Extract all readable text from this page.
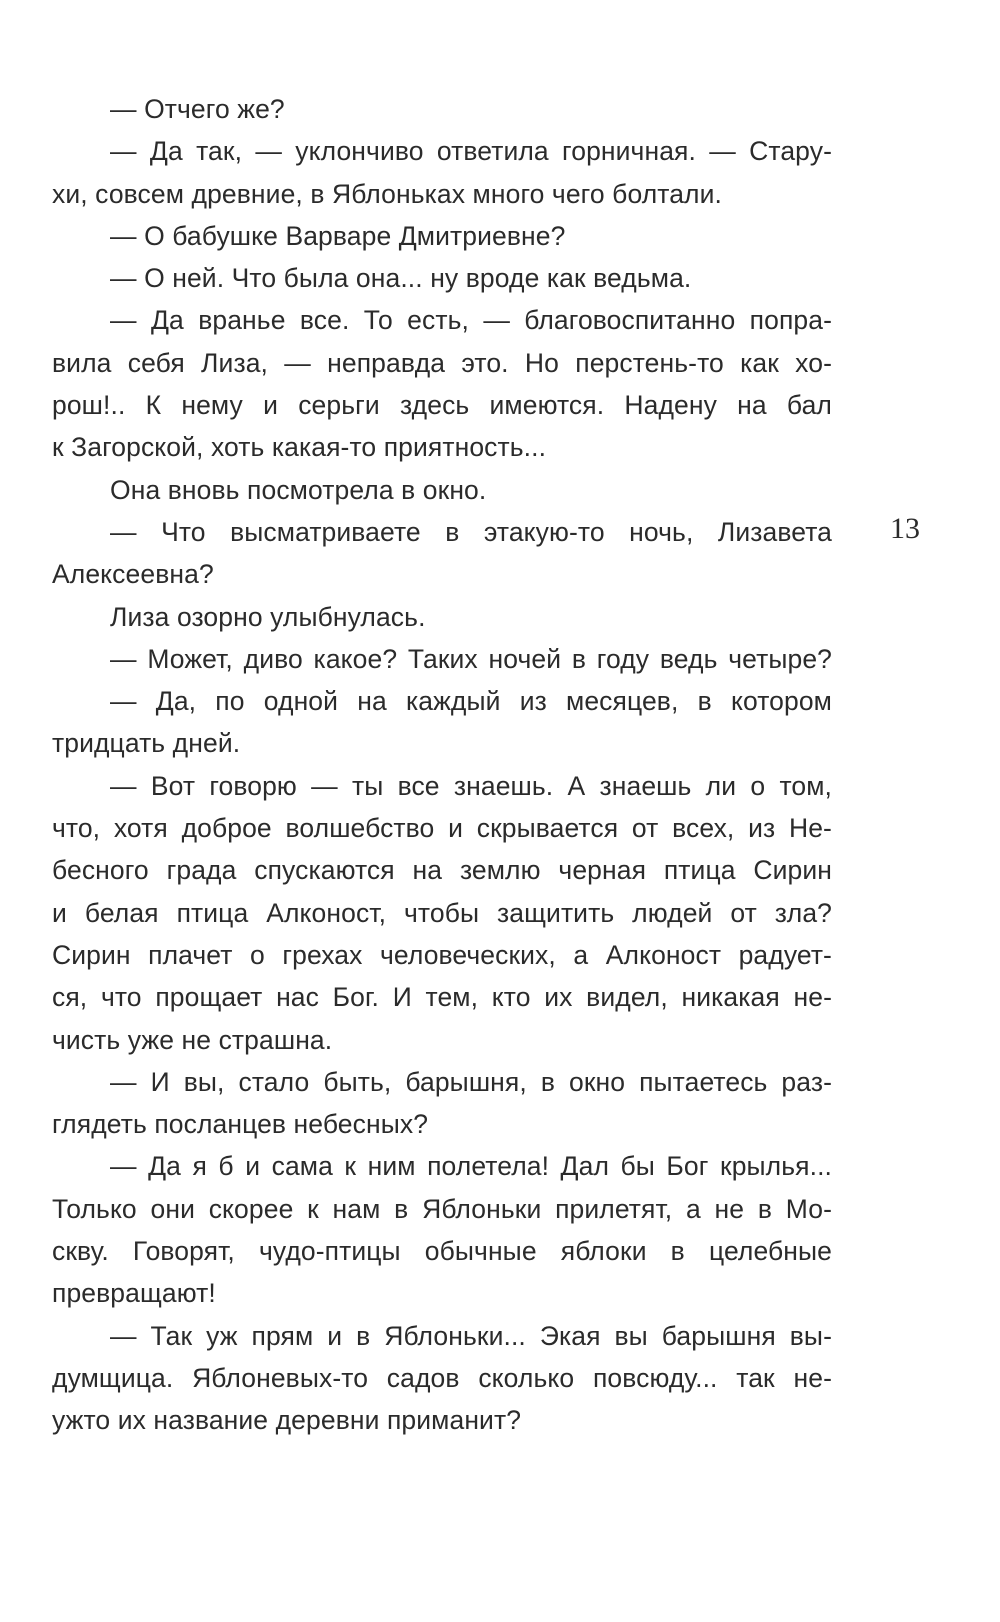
— Отчего же?
— Да так, — уклончиво ответила горничная. — Стару-
хи, совсем древние, в Яблоньках много чего болтали.
— О бабушке Варваре Дмитриевне?
— О ней. Что была она... ну вроде как ведьма.
— Да вранье все. То есть, — благовоспитанно попра-
вила себя Лиза, — неправда это. Но перстень-то как хо-
рош!.. К нему и серьги здесь имеются. Надену на бал
к Загорской, хоть какая-то приятность...
Она вновь посмотрела в окно.
— Что высматриваете в этакую-то ночь, Лизавета
Алексеевна?
Лиза озорно улыбнулась.
— Может, диво какое? Таких ночей в году ведь четыре?
— Да, по одной на каждый из месяцев, в котором
тридцать дней.
— Вот говорю — ты все знаешь. А знаешь ли о том,
что, хотя доброе волшебство и скрывается от всех, из Не-
бесного града спускаются на землю черная птица Сирин
и белая птица Алконост, чтобы защитить людей от зла?
Сирин плачет о грехах человеческих, а Алконост радует-
ся, что прощает нас Бог. И тем, кто их видел, никакая не-
чисть уже не страшна.
— И вы, стало быть, барышня, в окно пытаетесь раз-
глядеть посланцев небесных?
— Да я б и сама к ним полетела! Дал бы Бог крылья...
Только они скорее к нам в Яблоньки прилетят, а не в Мо-
скву. Говорят, чудо-птицы обычные яблоки в целебные
превращают!
— Так уж прям и в Яблоньки... Экая вы барышня вы-
думщица. Яблоневых-то садов сколько повсюду... так не-
ужто их название деревни приманит?
13
